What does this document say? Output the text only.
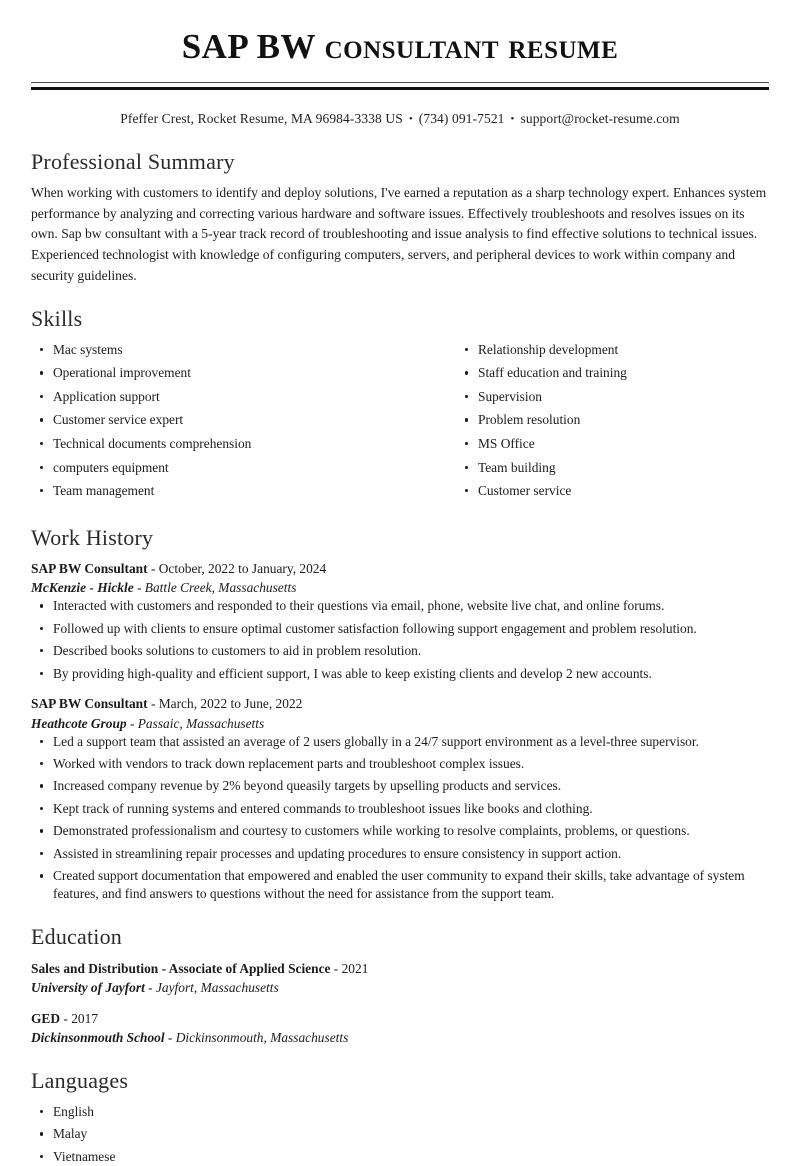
SAP BW consultant resume
Pfeffer Crest, Rocket Resume, MA 96984-3338 US • (734) 091-7521 • support@rocket-resume.com
Professional Summary

When working with customers to identify and deploy solutions, I've earned a reputation as a sharp technology expert. Enhances system performance by analyzing and correcting various hardware and software issues. Effectively troubleshoots and resolves issues on its own. Sap bw consultant with a 5-year track record of troubleshooting and issue analysis to find effective solutions to technical issues. Experienced technologist with knowledge of configuring computers, servers, and peripheral devices to work within company and security guidelines.

Skills
Mac systems
Operational improvement
Application support
Customer service expert
Technical documents comprehension
computers equipment
Team management
Relationship development
Staff education and training
Supervision
Problem resolution
MS Office
Team building
Customer service
Work History
SAP BW Consultant - October, 2022 to January, 2024
McKenzie - Hickle - Battle Creek, Massachusetts
Interacted with customers and responded to their questions via email, phone, website live chat, and online forums.
Followed up with clients to ensure optimal customer satisfaction following support engagement and problem resolution.
Described books solutions to customers to aid in problem resolution.
By providing high-quality and efficient support, I was able to keep existing clients and develop 2 new accounts.
SAP BW Consultant - March, 2022 to June, 2022
Heathcote Group - Passaic, Massachusetts
Led a support team that assisted an average of 2 users globally in a 24/7 support environment as a level-three supervisor.
Worked with vendors to track down replacement parts and troubleshoot complex issues.
Increased company revenue by 2% beyond queasily targets by upselling products and services.
Kept track of running systems and entered commands to troubleshoot issues like books and clothing.
Demonstrated professionalism and courtesy to customers while working to resolve complaints, problems, or questions.
Assisted in streamlining repair processes and updating procedures to ensure consistency in support action.
Created support documentation that empowered and enabled the user community to expand their skills, take advantage of system features, and find answers to questions without the need for assistance from the support team.
Education
Sales and Distribution - Associate of Applied Science - 2021
University of Jayfort - Jayfort, Massachusetts
GED - 2017
Dickinsonmouth School - Dickinsonmouth, Massachusetts
Languages
English
Malay
Vietnamese
